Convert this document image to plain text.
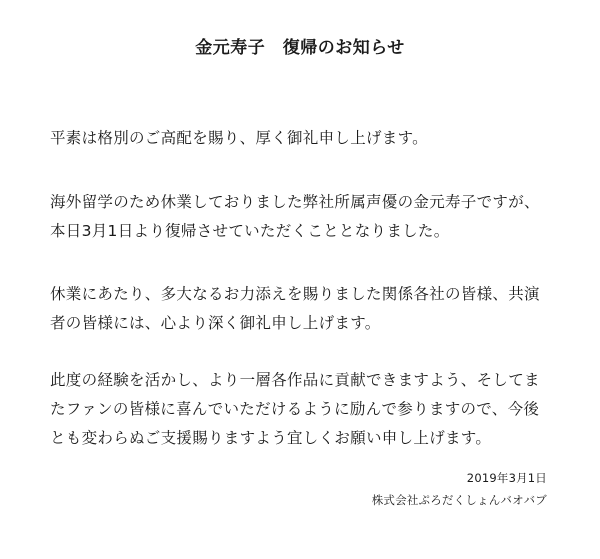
金元寿子　復帰のお知らせ
平素は格別のご高配を賜り、厚く御礼申し上げます。
海外留学のため休業しておりました弊社所属声優の金元寿子ですが、
本日3月1日より復帰させていただくこととなりました。
休業にあたり、多大なるお力添えを賜りました関係各社の皆様、共演
者の皆様には、心より深く御礼申し上げます。
此度の経験を活かし、より一層各作品に貢献できますよう、そしてま
たファンの皆様に喜んでいただけるように励んで参りますので、今後
とも変わらぬご支援賜りますよう宜しくお願い申し上げます。
2019年3月1日
株式会社ぷろだくしょんバオバブ
